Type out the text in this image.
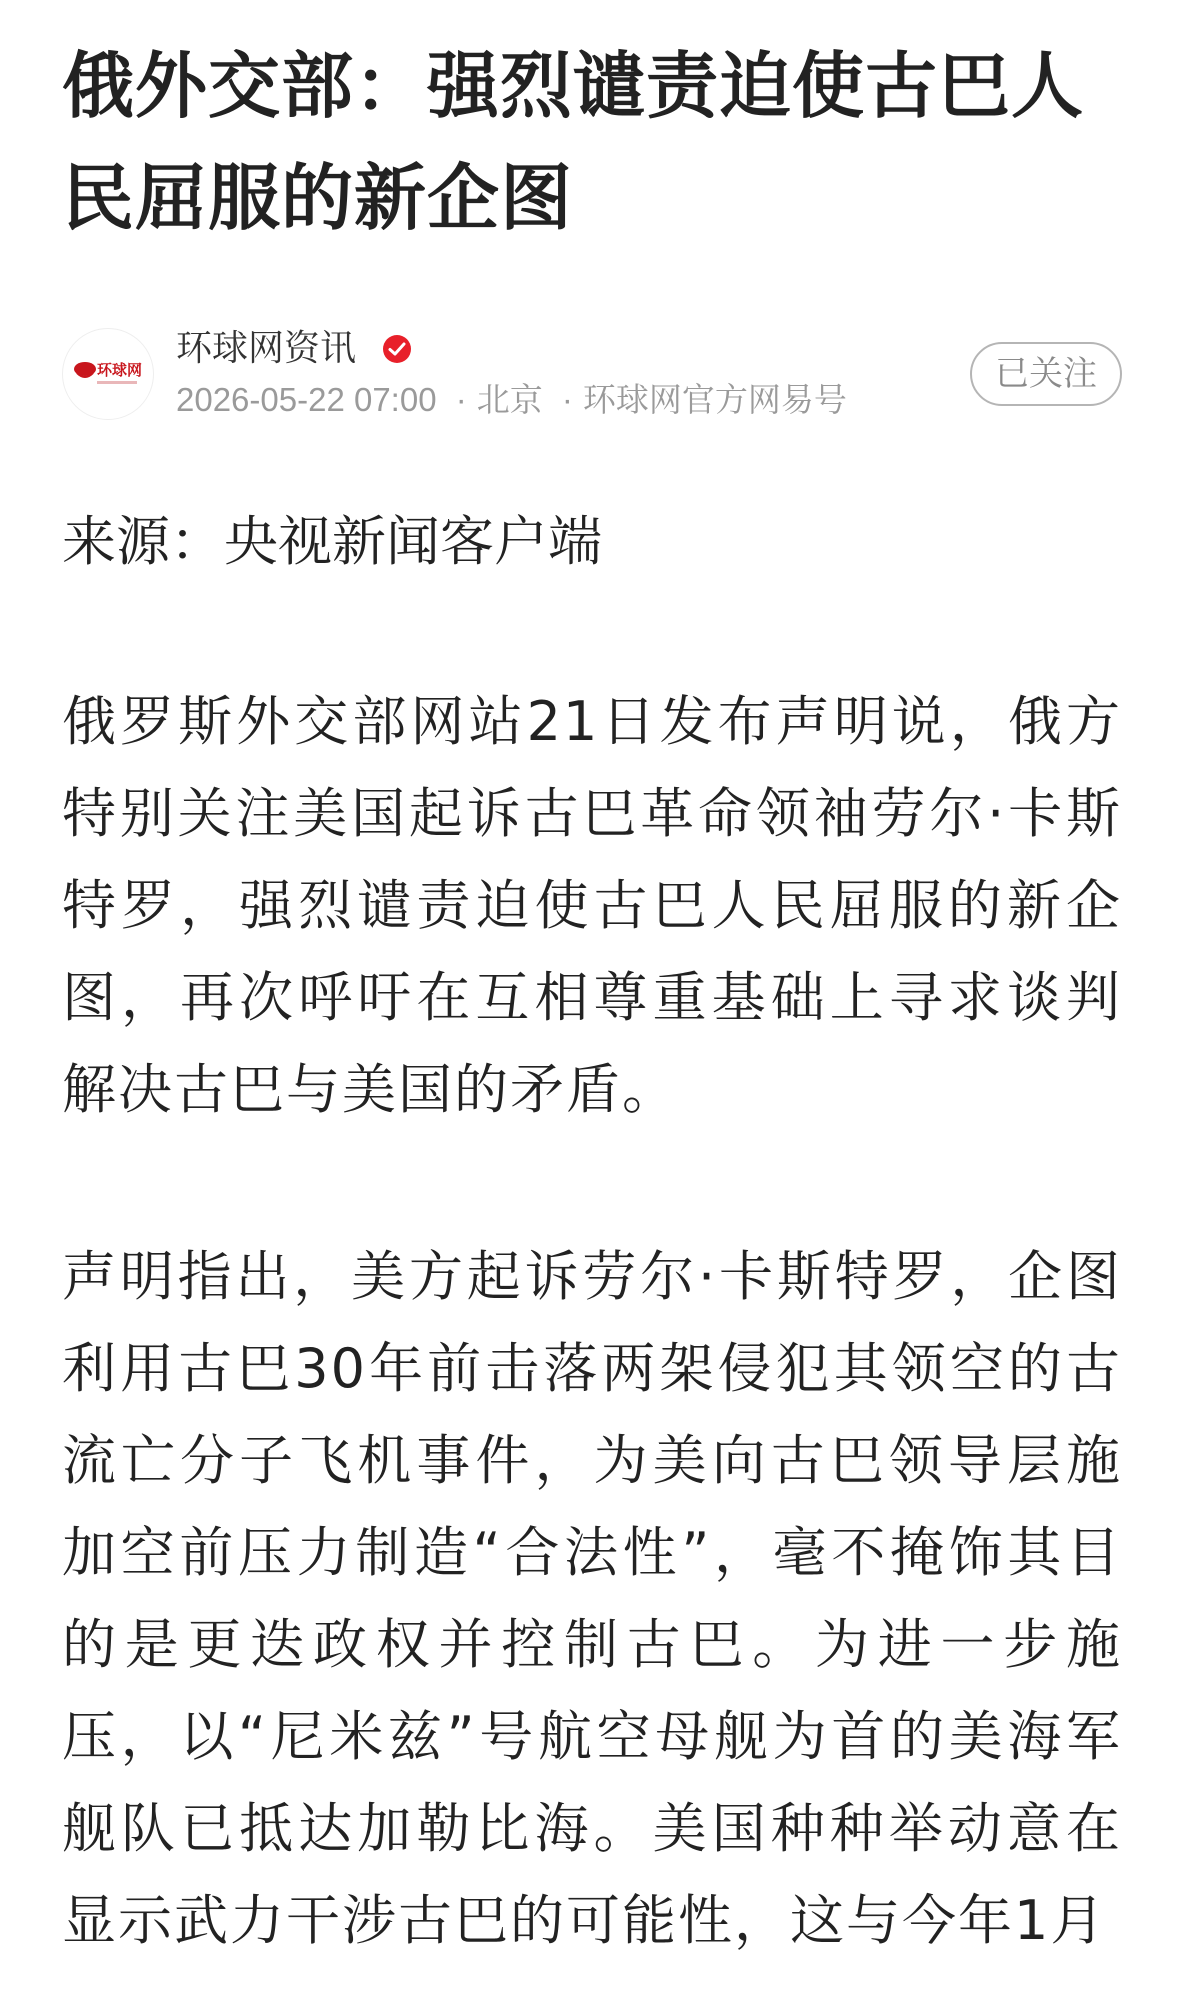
俄外交部：强烈谴责迫使古巴人民屈服的新企图
环球网
环球网资讯
2026-05-22 07:00 · 北京 · 环球网官方网易号
已关注
来源：央视新闻客户端

俄罗斯外交部网站21日发布声明说，俄方特别关注美国起诉古巴革命领袖劳尔·卡斯特罗，强烈谴责迫使古巴人民屈服的新企图，再次呼吁在互相尊重基础上寻求谈判解决古巴与美国的矛盾。

声明指出，美方起诉劳尔·卡斯特罗，企图利用古巴30年前击落两架侵犯其领空的古流亡分子飞机事件，为美向古巴领导层施加空前压力制造“合法性”，毫不掩饰其目的是更迭政权并控制古巴。为进一步施压，以“尼米兹”号航空母舰为首的美海军舰队已抵达加勒比海。美国种种举动意在显示武力干涉古巴的可能性，这与今年1月
